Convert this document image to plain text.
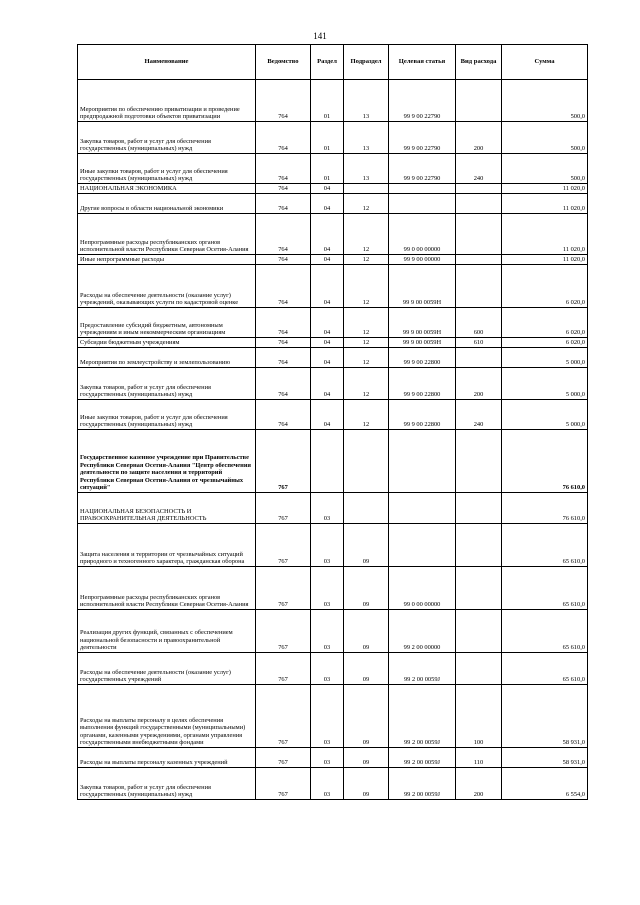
141
Наименование	Ведомство	Раздел	Подраздел	Целевая статья	Вид расхода	Сумма
Мероприятия по обеспечению приватизации и проведение предпродажной подготовки объектов приватизации	764	01	13	99 9 00 22790		500,0
Закупка товаров, работ и услуг для обеспечения государственных (муниципальных) нужд	764	01	13	99 9 00 22790	200	500,0
Иные закупки товаров, работ и услуг для обеспечения государственных (муниципальных) нужд	764	01	13	99 9 00 22790	240	500,0
НАЦИОНАЛЬНАЯ ЭКОНОМИКА	764	04				11 020,0
Другие вопросы в области национальной экономики	764	04	12			11 020,0
Непрограммные расходы республиканских органов исполнительной власти Республики Северная Осетия-Алания	764	04	12	99 0 00 00000		11 020,0
Иные непрограммные расходы	764	04	12	99 9 00 00000		11 020,0
Расходы на обеспечение деятельности (оказание услуг) учреждений, оказывающих услуги по кадастровой оценке	764	04	12	99 9 00 0059Н		6 020,0
Предоставление субсидий бюджетным, автономным учреждениям и иным некоммерческим организациям	764	04	12	99 9 00 0059Н	600	6 020,0
Субсидии бюджетным учреждениям	764	04	12	99 9 00 0059Н	610	6 020,0
Мероприятия по землеустройству и землепользованию	764	04	12	99 9 00 22800		5 000,0
Закупка товаров, работ и услуг для обеспечения государственных (муниципальных) нужд	764	04	12	99 9 00 22800	200	5 000,0
Иные закупки товаров, работ и услуг для обеспечения государственных (муниципальных) нужд	764	04	12	99 9 00 22800	240	5 000,0
Государственное казенное учреждение при Правительстве Республики Северная Осетия-Алания "Центр обеспечения деятельности по защите населения и территорий Республики Северная Осетия-Алания от чрезвычайных ситуаций"	767					76 610,0
НАЦИОНАЛЬНАЯ БЕЗОПАСНОСТЬ И ПРАВООХРАНИТЕЛЬНАЯ ДЕЯТЕЛЬНОСТЬ	767	03				76 610,0
Защита населения и территории от чрезвычайных ситуаций природного и техногенного характера, гражданская оборона	767	03	09			65 610,0
Непрограммные расходы республиканских органов исполнительной власти Республики Северная Осетия-Алания	767	03	09	99 0 00 00000		65 610,0
Реализация других функций, связанных с обеспечением национальной безопасности и правоохранительной деятельности	767	03	09	99 2 00 00000		65 610,0
Расходы на обеспечение деятельности (оказание услуг) государственных учреждений	767	03	09	99 2 00 0059J		65 610,0
Расходы на выплаты персоналу в целях обеспечения выполнения функций государственными (муниципальными) органами, казенными учреждениями, органами управления государственными внебюджетными фондами	767	03	09	99 2 00 0059J	100	58 931,0
Расходы на выплаты персоналу казенных учреждений	767	03	09	99 2 00 0059J	110	58 931,0
Закупка товаров, работ и услуг для обеспечения государственных (муниципальных) нужд	767	03	09	99 2 00 0059J	200	6 554,0
